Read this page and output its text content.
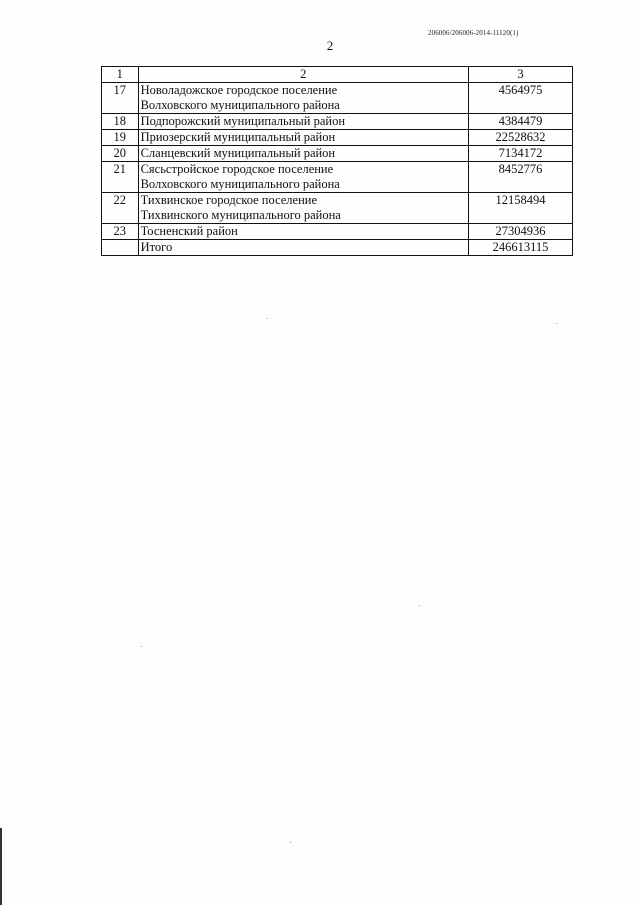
206006/206006-2014-11120(1)
2
1	2	3
17	Новоладожское городское поселение
Волховского муниципального района	4564975
18	Подпорожский муниципальный район	4384479
19	Приозерский муниципальный район	22528632
20	Сланцевский муниципальный район	7134172
21	Сясьстройское городское поселение
Волховского муниципального района	8452776
22	Тихвинское городское поселение
Тихвинского муниципального района	12158494
23	Тосненский район	27304936

	Итого	246613115
